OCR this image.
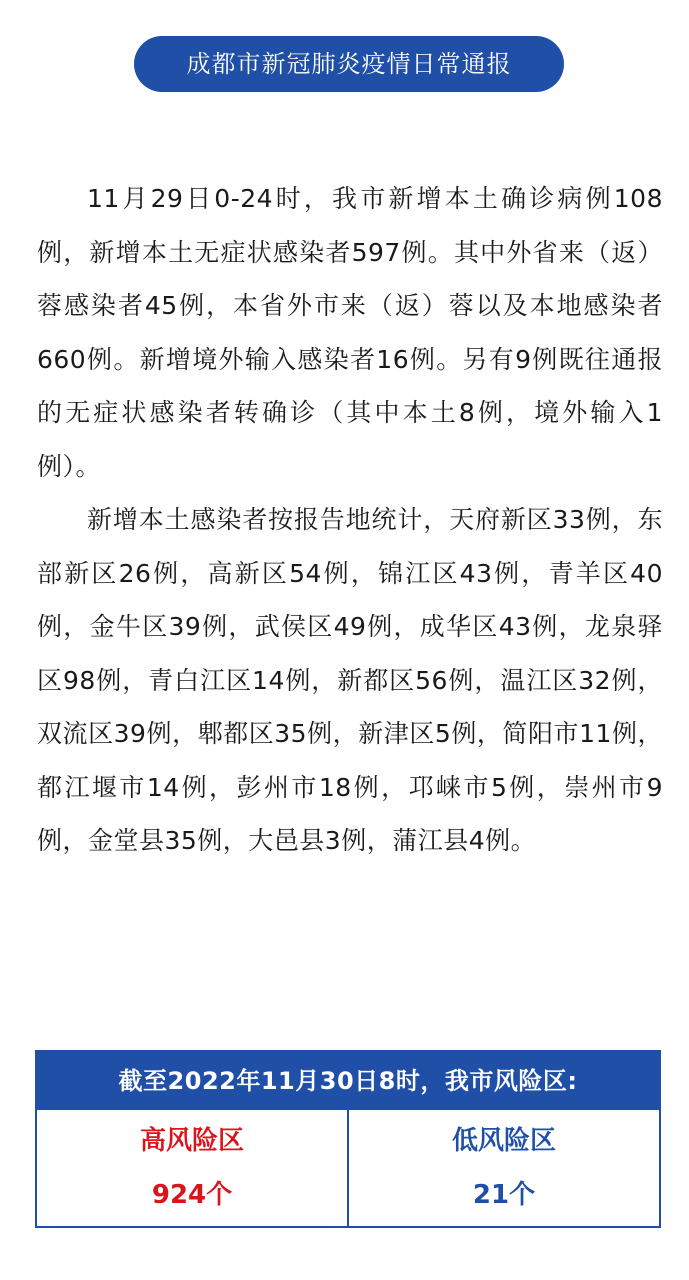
成都市新冠肺炎疫情日常通报

11月29日0-24时，我市新增本土确诊病例108例，新增本土无症状感染者597例。其中外省来（返）蓉感染者45例，本省外市来（返）蓉以及本地感染者660例。新增境外输入感染者16例。另有9例既往通报的无症状感染者转确诊（其中本土8例，境外输入1例）。

新增本土感染者按报告地统计，天府新区33例，东部新区26例，高新区54例，锦江区43例，青羊区40例，金牛区39例，武侯区49例，成华区43例，龙泉驿区98例，青白江区14例，新都区56例，温江区32例，双流区39例，郫都区35例，新津区5例，简阳市11例，都江堰市14例，彭州市18例，邛崃市5例，崇州市9例，金堂县35例，大邑县3例，蒲江县4例。

截至2022年11月30日8时，我市风险区:
高风险区
924个
低风险区
21个
